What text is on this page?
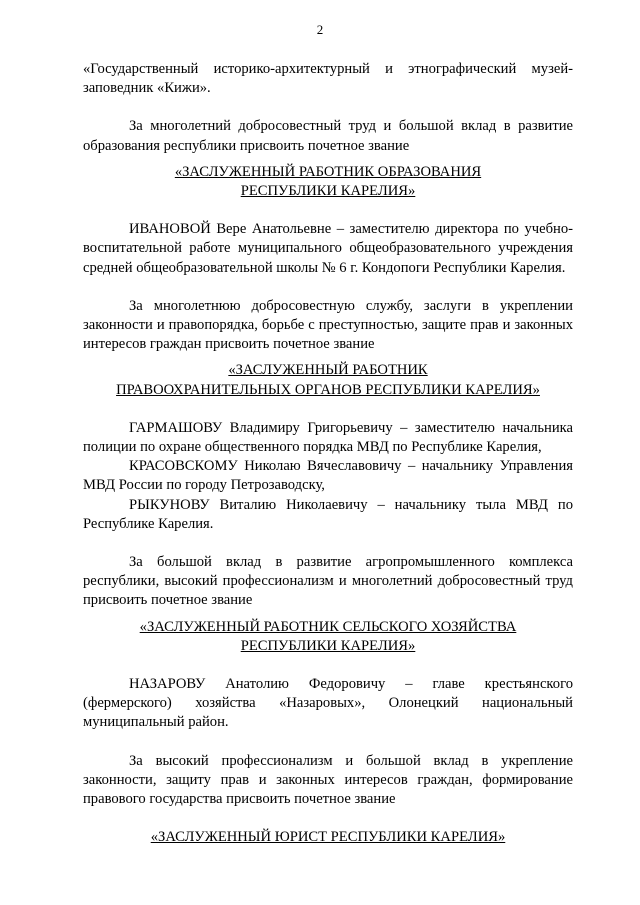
2

«Государственный историко-архитектурный и этнографический музей-заповедник «Кижи».

За многолетний добросовестный труд и большой вклад в развитие образования республики присвоить почетное звание

«ЗАСЛУЖЕННЫЙ РАБОТНИК ОБРАЗОВАНИЯ

РЕСПУБЛИКИ КАРЕЛИЯ»

ИВАНОВОЙ Вере Анатольевне – заместителю директора по учебно-воспитательной работе муниципального общеобразовательного учреждения средней общеобразовательной школы № 6 г. Кондопоги Республики Карелия.

За многолетнюю добросовестную службу, заслуги в укреплении законности и правопорядка, борьбе с преступностью, защите прав и законных интересов граждан присвоить почетное звание

«ЗАСЛУЖЕННЫЙ РАБОТНИК

ПРАВООХРАНИТЕЛЬНЫХ ОРГАНОВ РЕСПУБЛИКИ КАРЕЛИЯ»

ГАРМАШОВУ Владимиру Григорьевичу – заместителю начальника полиции по охране общественного порядка МВД по Республике Карелия,

КРАСОВСКОМУ Николаю Вячеславовичу – начальнику Управления МВД России по городу Петрозаводску,

РЫКУНОВУ Виталию Николаевичу – начальнику тыла МВД по Республике Карелия.

За большой вклад в развитие агропромышленного комплекса республики, высокий профессионализм и многолетний добросовестный труд присвоить почетное звание

«ЗАСЛУЖЕННЫЙ РАБОТНИК СЕЛЬСКОГО ХОЗЯЙСТВА

РЕСПУБЛИКИ КАРЕЛИЯ»

НАЗАРОВУ Анатолию Федоровичу – главе крестьянского (фермерского) хозяйства «Назаровых», Олонецкий национальный муниципальный район.

За высокий профессионализм и большой вклад в укрепление законности, защиту прав и законных интересов граждан, формирование правового государства присвоить почетное звание

«ЗАСЛУЖЕННЫЙ ЮРИСТ РЕСПУБЛИКИ КАРЕЛИЯ»
